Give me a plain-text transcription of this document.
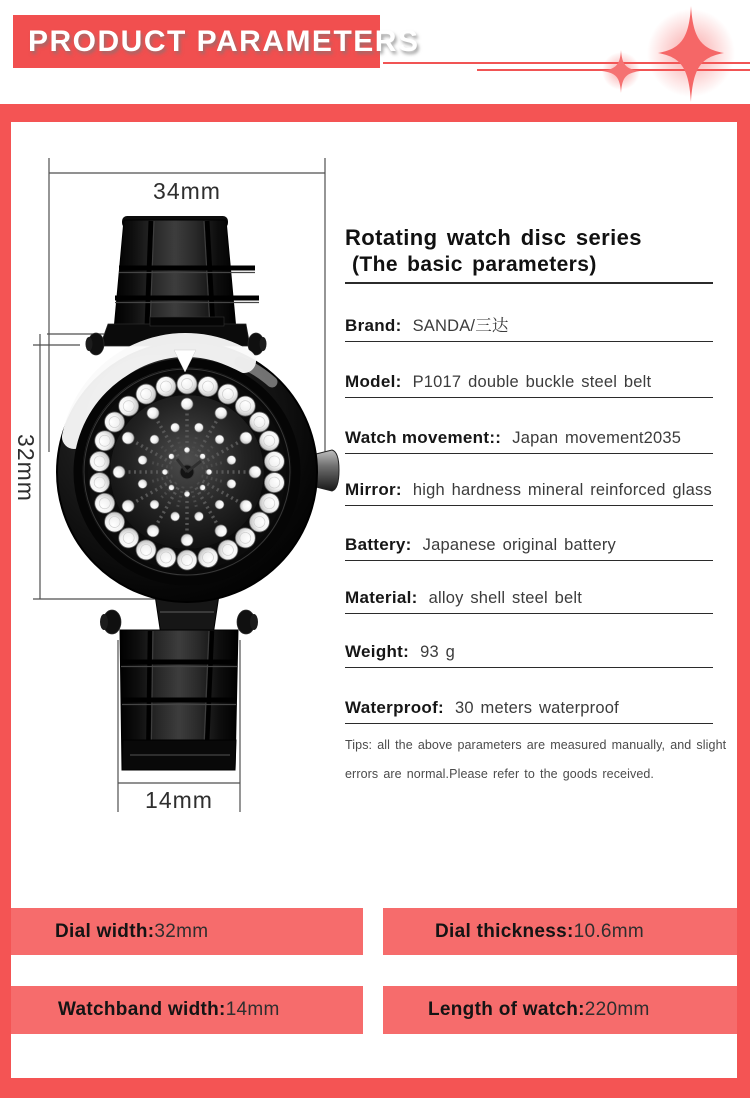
PRODUCT PARAMETERS
34mm
32mm
14mm
Rotating watch disc series
(The basic parameters)
Brand: SANDA/三达
Model: P1017 double buckle steel belt
Watch movement:: Japan movement2035
Mirror: high hardness mineral reinforced glass
Battery: Japanese original battery
Material: alloy shell steel belt
Weight: 93 g
Waterproof: 30 meters waterproof
Tips: all the above parameters are measured manually, and slight errors are normal.Please refer to the goods received.
Dial width: 32mm	Dial thickness: 10.6mm
Watchband width: 14mm	Length of watch: 220mm
